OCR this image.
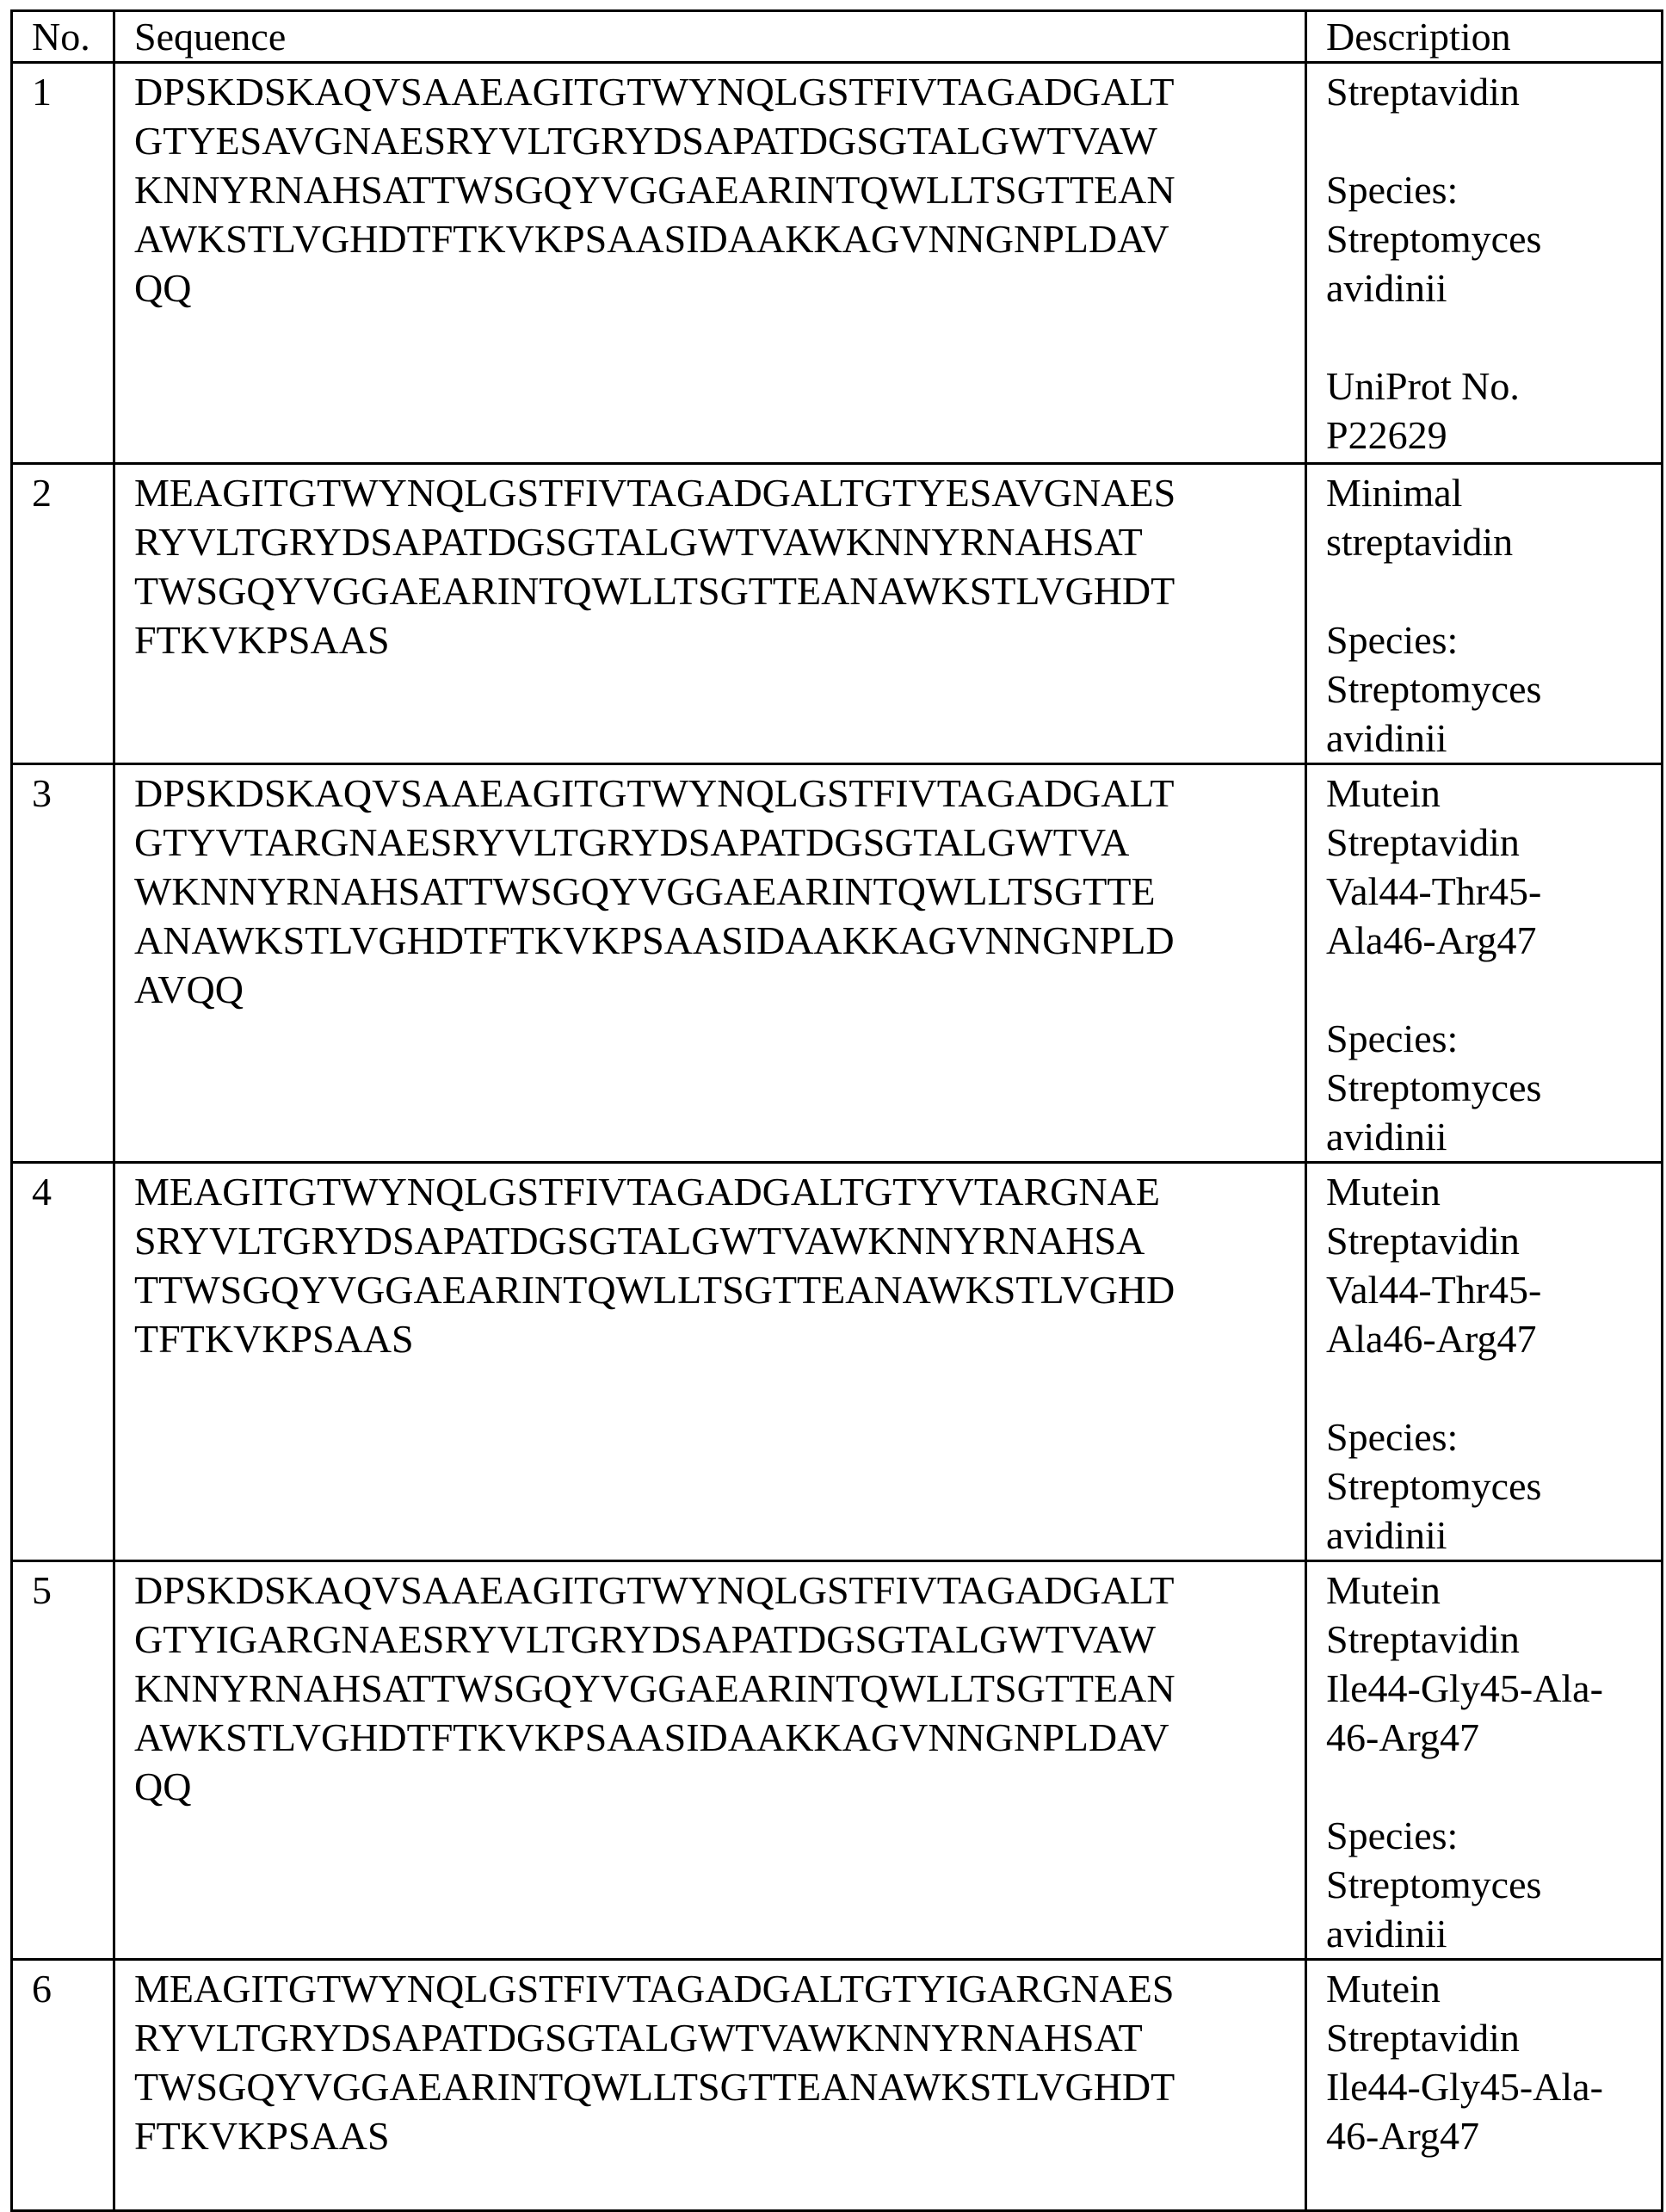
No.	Sequence	Description
1	DPSKDSKAQVSAAEAGITGTWYNQLGSTFIVTAGADGALT
GTYESAVGNAESRYVLTGRYDSAPATDGSGTALGWTVAW
KNNYRNAHSATTWSGQYVGGAEARINTQWLLTSGTTEAN
AWKSTLVGHDTFTKVKPSAASIDAAKKAGVNNGNPLDAV
QQ

Streptavidin
Species:
Streptomyces
avidinii
UniProt No.
P22629

2	MEAGITGTWYNQLGSTFIVTAGADGALTGTYESAVGNAES
RYVLTGRYDSAPATDGSGTALGWTVAWKNNYRNAHSAT
TWSGQYVGGAEARINTQWLLTSGTTEANAWKSTLVGHDT
FTKVKPSAAS

Minimal
streptavidin
Species:
Streptomyces
avidinii

3	DPSKDSKAQVSAAEAGITGTWYNQLGSTFIVTAGADGALT
GTYVTARGNAESRYVLTGRYDSAPATDGSGTALGWTVA
WKNNYRNAHSATTWSGQYVGGAEARINTQWLLTSGTTE
ANAWKSTLVGHDTFTKVKPSAASIDAAKKAGVNNGNPLD
AVQQ

Mutein
Streptavidin
Val44-Thr45-
Ala46-Arg47
Species:
Streptomyces
avidinii

4	MEAGITGTWYNQLGSTFIVTAGADGALTGTYVTARGNAE
SRYVLTGRYDSAPATDGSGTALGWTVAWKNNYRNAHSA
TTWSGQYVGGAEARINTQWLLTSGTTEANAWKSTLVGHD
TFTKVKPSAAS

Mutein
Streptavidin
Val44-Thr45-
Ala46-Arg47
Species:
Streptomyces
avidinii

5	DPSKDSKAQVSAAEAGITGTWYNQLGSTFIVTAGADGALT
GTYIGARGNAESRYVLTGRYDSAPATDGSGTALGWTVAW
KNNYRNAHSATTWSGQYVGGAEARINTQWLLTSGTTEAN
AWKSTLVGHDTFTKVKPSAASIDAAKKAGVNNGNPLDAV
QQ

Mutein
Streptavidin
Ile44-Gly45-Ala-
46-Arg47
Species:
Streptomyces
avidinii

6	MEAGITGTWYNQLGSTFIVTAGADGALTGTYIGARGNAES
RYVLTGRYDSAPATDGSGTALGWTVAWKNNYRNAHSAT
TWSGQYVGGAEARINTQWLLTSGTTEANAWKSTLVGHDT
FTKVKPSAAS

Mutein
Streptavidin
Ile44-Gly45-Ala-
46-Arg47
